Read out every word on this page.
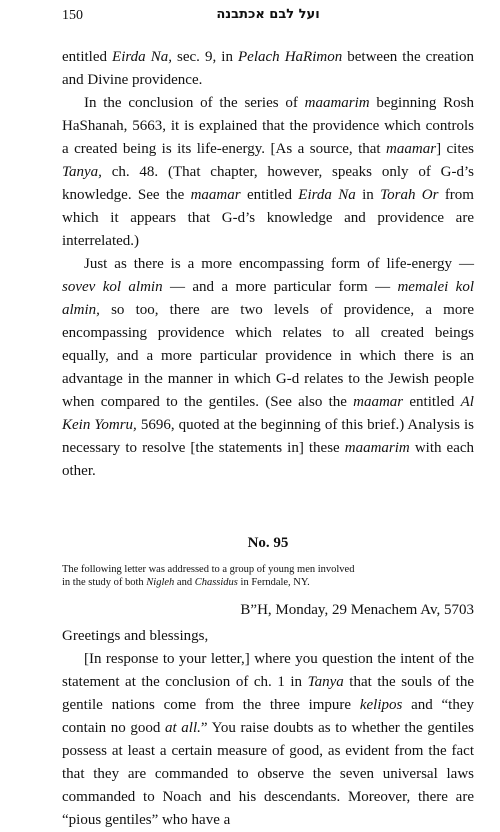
150	ועל לבם אכתבנה

entitled Eirda Na, sec. 9, in Pelach HaRimon between the creation and Divine providence.

In the conclusion of the series of maamarim beginning Rosh HaShanah, 5663, it is explained that the providence which controls a created being is its life-energy. [As a source, that maamar] cites Tanya, ch. 48. (That chapter, however, speaks only of G-d’s knowledge. See the maamar entitled Eirda Na in Torah Or from which it appears that G-d’s knowledge and providence are interrelated.)

Just as there is a more encompassing form of life-energy — sovev kol almin — and a more particular form — memalei kol almin, so too, there are two levels of providence, a more encompassing providence which relates to all created beings equally, and a more particular providence in which there is an advantage in the manner in which G-d relates to the Jewish people when compared to the gentiles. (See also the maamar entitled Al Kein Yomru, 5696, quoted at the beginning of this brief.) Analysis is necessary to resolve [the statements in] these maamarim with each other.

No. 95
The following letter was addressed to a group of young men involved in the study of both Nigleh and Chassidus in Ferndale, NY.
B”H, Monday, 29 Menachem Av, 5703

Greetings and blessings,

[In response to your letter,] where you question the intent of the statement at the conclusion of ch. 1 in Tanya that the souls of the gentile nations come from the three impure kelipos and “they contain no good at all.” You raise doubts as to whether the gentiles possess at least a certain measure of good, as evident from the fact that they are commanded to observe the seven universal laws commanded to Noach and his descendants. Moreover, there are “pious gentiles” who have a
